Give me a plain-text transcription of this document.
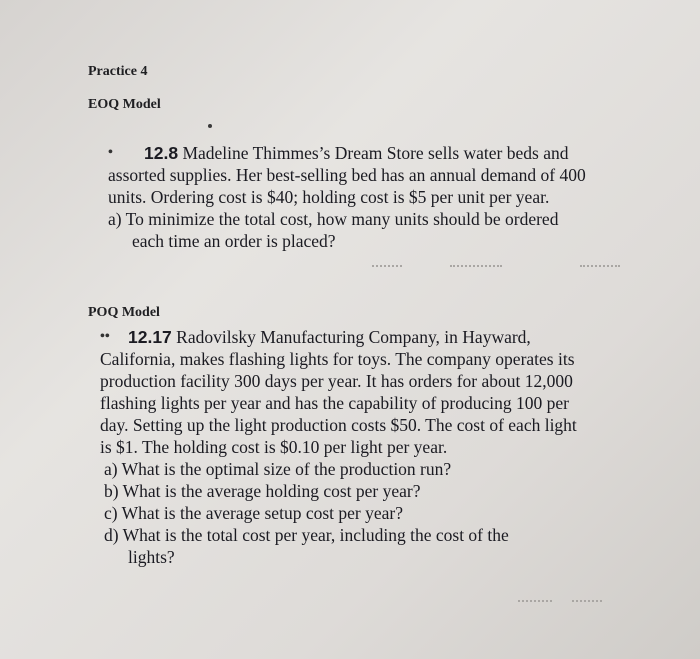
Practice 4
EOQ Model
•	12.8 Madeline Thimmes’s Dream Store sells water beds and
assorted supplies. Her best-selling bed has an annual demand of 400
units. Ordering cost is $40; holding cost is $5 per unit per year.
a) To minimize the total cost, how many units should be ordered
each time an order is placed?
POQ Model
••	12.17 Radovilsky Manufacturing Company, in Hayward,
California, makes flashing lights for toys. The company operates its
production facility 300 days per year. It has orders for about 12,000
flashing lights per year and has the capability of producing 100 per
day. Setting up the light production costs $50. The cost of each light
is $1. The holding cost is $0.10 per light per year.
a) What is the optimal size of the production run?
b) What is the average holding cost per year?
c) What is the average setup cost per year?
d) What is the total cost per year, including the cost of the
lights?
